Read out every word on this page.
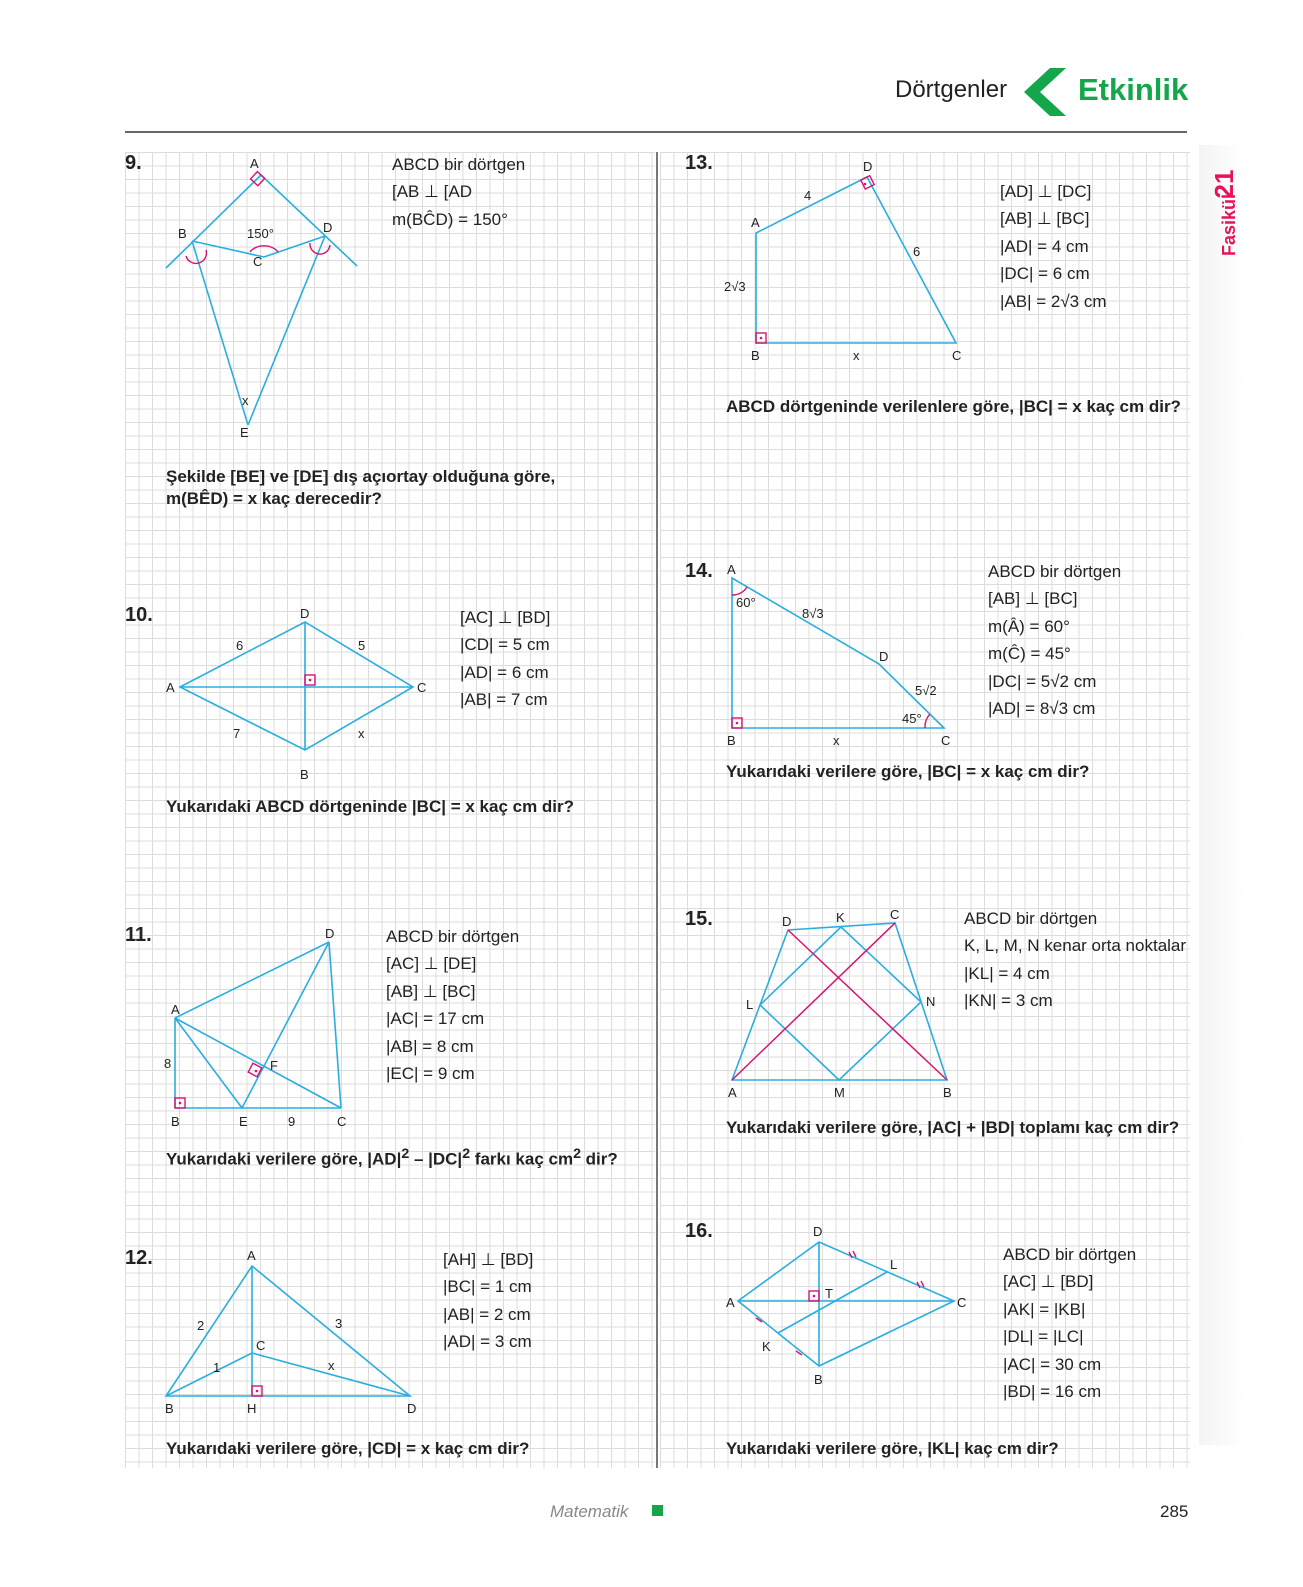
Dörtgenler Etkinlik
21
Fasikül
9.	A
B
C
D
E
x
150°
ABCD bir dörtgen
[AB ⊥ [AD
m(BĈD) = 150°
Şekilde [BE] ve [DE] dış açıortay olduğuna göre,
m(BÊD) = x kaç derecedir?
10.
A
D
C
B
6	5
7	x
[AC] ⊥ [BD]
|CD| = 5 cm
|AD| = 6 cm
|AB| = 7 cm
Yukarıdaki ABCD dörtgeninde |BC| = x kaç cm dir?
11.
A
D
B	E	C
F
8
9
ABCD bir dörtgen
[AC] ⊥ [DE]
[AB] ⊥ [BC]
|AC| = 17 cm
|AB| = 8 cm
|EC| = 9 cm
Yukarıdaki verilere göre, $|AD|^2 - |DC|^2$ farkı kaç $cm^2$ dir?
12.	A
B	H	D
C
2	3
1	x
[AH] ⊥ [BD]
|BC| = 1 cm
|AB| = 2 cm
|AD| = 3 cm
Yukarıdaki verilere göre, |CD| = x kaç cm dir?
13.
A
D
B	C
x
4
6
2√3
[AD] ⊥ [DC]
[AB] ⊥ [BC]
|AD| = 4 cm
|DC| = 6 cm
|AB| = 2√3 cm
ABCD dörtgeninde verilenlere göre, |BC| = x kaç cm dir?
14. A
D
B	C
x
60°
45°
8√3
5√2
ABCD bir dörtgen
[AB] ⊥ [BC]
m(Â) = 60°
m(Ĉ) = 45°
|DC| = 5√2 cm
|AD| = 8√3 cm
Yukarıdaki verilere göre, |BC| = x kaç cm dir?
15.
A	B
C
D	K
L
M
N
ABCD bir dörtgen
K, L, M, N kenar orta noktalar
|KL| = 4 cm
|KN| = 3 cm
Yukarıdaki verilere göre, |AC| + |BD| toplamı kaç cm dir?
16.
A
D
C
B
K
L
T
ABCD bir dörtgen
[AC] ⊥ [BD]
|AK| = |KB|
|DL| = |LC|
|AC| = 30 cm
|BD| = 16 cm
Yukarıdaki verilere göre, |KL| kaç cm dir?
Matematik	285
